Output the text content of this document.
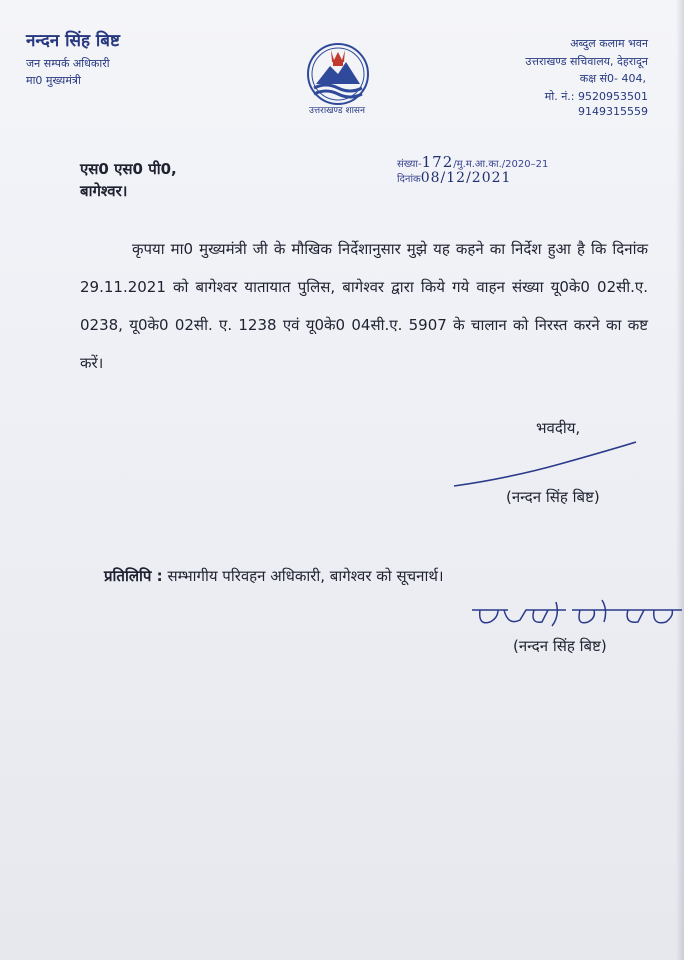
नन्दन सिंह बिष्ट
जन सम्पर्क अधिकारी
मा0 मुख्यमंत्री
उत्तराखण्ड शासन
अब्दुल कलाम भवन
उत्तराखण्ड सचिवालय, देहरादून
कक्ष सं0- 404,
मो. नं.: 9520953501
9149315559
एस0 एस0 पी0,
बागेश्वर।
संख्या-172/मु.म.आ.का./2020–21
दिनांक08/12/2021

कृपया मा0 मुख्यमंत्री जी के मौखिक निर्देशानुसार मुझे यह कहने का निर्देश हुआ है कि दिनांक 29.11.2021 को बागेश्वर यातायात पुलिस, बागेश्वर द्वारा किये गये वाहन संख्या यू0के0 02सी.ए. 0238, यू0के0 02सी. ए. 1238 एवं यू0के0 04सी.ए. 5907 के चालान को निरस्त करने का कष्ट करें।

भवदीय,
(नन्दन सिंह बिष्ट)
प्रतिलिपि : सम्भागीय परिवहन अधिकारी, बागेश्वर को सूचनार्थ।
(नन्दन सिंह बिष्ट)
